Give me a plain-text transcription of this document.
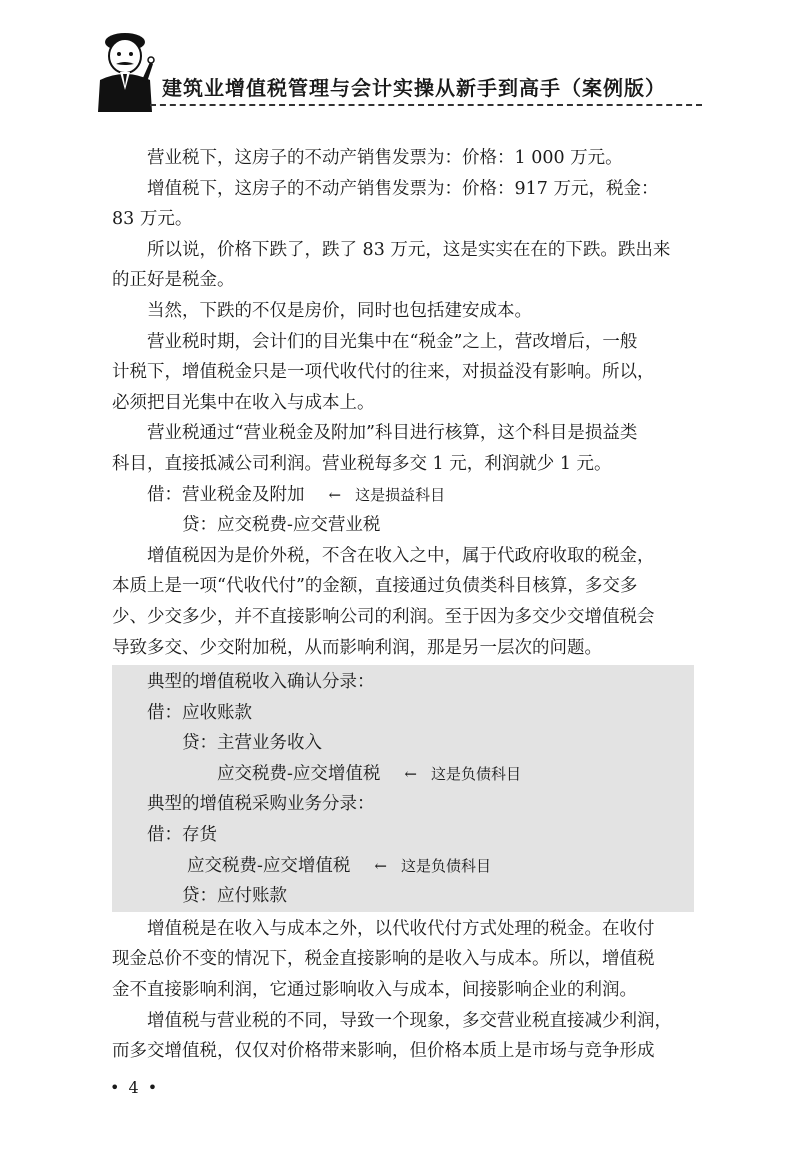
建筑业增值税管理与会计实操从新手到高手（案例版）

营业税下，这房子的不动产销售发票为：价格：1 000 万元。

增值税下，这房子的不动产销售发票为：价格：917 万元，税金：

83 万元。

所以说，价格下跌了，跌了 83 万元，这是实实在在的下跌。跌出来

的正好是税金。

当然，下跌的不仅是房价，同时也包括建安成本。

营业税时期，会计们的目光集中在“税金”之上，营改增后，一般

计税下，增值税金只是一项代收代付的往来，对损益没有影响。所以，

必须把目光集中在收入与成本上。

营业税通过“营业税金及附加”科目进行核算，这个科目是损益类

科目，直接抵减公司利润。营业税每多交 1 元，利润就少 1 元。

借：营业税金及附加 ← 这是损益科目

贷：应交税费-应交营业税

增值税因为是价外税，不含在收入之中，属于代政府收取的税金，

本质上是一项“代收代付”的金额，直接通过负债类科目核算，多交多

少、少交多少，并不直接影响公司的利润。至于因为多交少交增值税会

导致多交、少交附加税，从而影响利润，那是另一层次的问题。

典型的增值税收入确认分录：

借：应收账款

贷：主营业务收入

应交税费-应交增值税 ← 这是负债科目

典型的增值税采购业务分录：

借：存货

应交税费-应交增值税 ← 这是负债科目

贷：应付账款

增值税是在收入与成本之外，以代收代付方式处理的税金。在收付

现金总价不变的情况下，税金直接影响的是收入与成本。所以，增值税

金不直接影响利润，它通过影响收入与成本，间接影响企业的利润。

增值税与营业税的不同，导致一个现象，多交营业税直接减少利润，

而多交增值税，仅仅对价格带来影响，但价格本质上是市场与竞争形成

• 4 •
